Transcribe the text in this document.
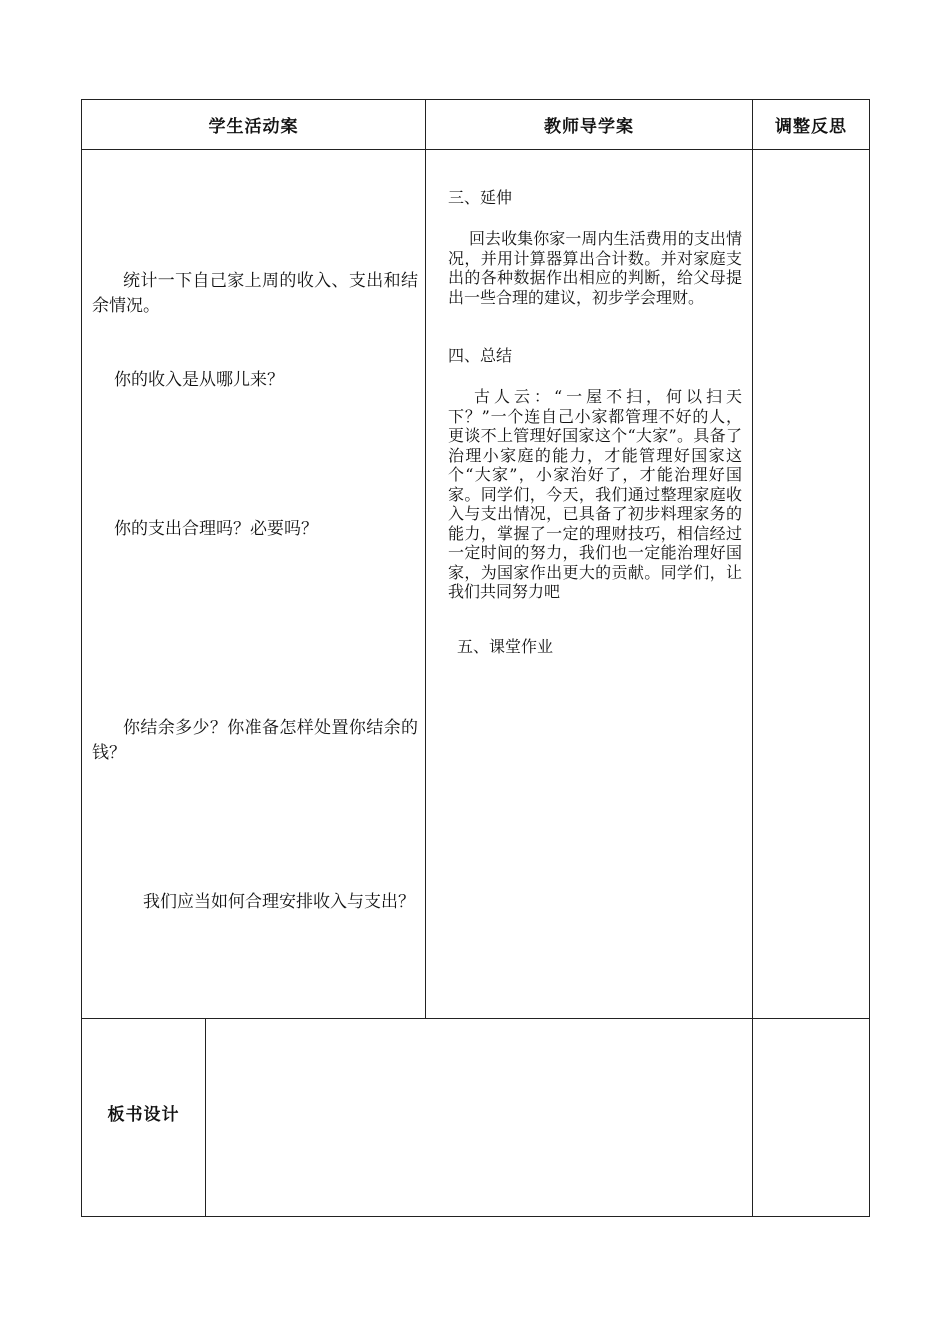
学生活动案	教师导学案	调整反思

统计一下自己家上周的收入、支出和结余情况。

你的收入是从哪儿来？

你的支出合理吗？必要吗？

你结余多少？你准备怎样处置你结余的钱？

我们应当如何合理安排收入与支出？

三、延伸

回去收集你家一周内生活费用的支出情况，并用计算器算出合计数。并对家庭支出的各种数据作出相应的判断，给父母提出一些合理的建议，初步学会理财。

四、总结

古人云：“一屋不扫，何以扫天下？”一个连自己小家都管理不好的人，更谈不上管理好国家这个“大家”。具备了治理小家庭的能力，才能管理好国家这个“大家”，小家治好了，才能治理好国家。同学们，今天，我们通过整理家庭收入与支出情况，已具备了初步料理家务的能力，掌握了一定的理财技巧，相信经过一定时间的努力，我们也一定能治理好国家，为国家作出更大的贡献。同学们，让我们共同努力吧

五、课堂作业

板书设计
